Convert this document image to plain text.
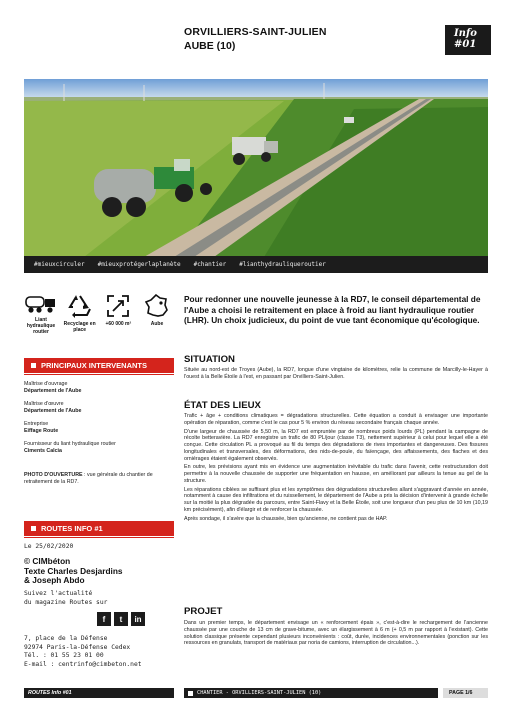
ORVILLIERS-SAINT-JULIEN
AUBE (10)
Info
#01
#mieuxcirculer #mieuxprotégerlaplanète #chantier #lianthydrauliqueroutier
Liant hydraulique routier
Recyclage en place
+60 000 m²	Aube
PRINCIPAUX INTERVENANTS

Maîtrise d'ouvrage
Département de l'Aube

Maîtrise d'œuvre
Département de l'Aube

Entreprise
Eiffage Route

Fournisseur du liant hydraulique routier
Ciments Calcia

PHOTO D'OUVERTURE : vue générale du chantier de retraitement de la RD7.
ROUTES INFO #1
Le 25/02/2020
© CIMbéton
Texte Charles Desjardins
& Joseph Abdo
Suivez l'actualité
du magazine Routes sur
f	t	in
7, place de la Défense
92974 Paris-la-Défense Cedex
Tél. : 01 55 23 01 00
E-mail : centrinfo@cimbeton.net
Pour redonner une nouvelle jeunesse à la RD7, le conseil départemental de l'Aube a choisi le retraitement en place à froid au liant hydraulique routier (LHR). Un choix judicieux, du point de vue tant économique qu'écologique.
SITUATION
Située au nord-est de Troyes (Aube), la RD7, longue d'une vingtaine de kilomètres, relie la commune de Marcilly-le-Hayer à l'ouest à la Belle Étoile à l'est, en passant par Orvilliers-Saint-Julien.
ÉTAT DES LIEUX

Trafic + âge + conditions climatiques = dégradations structurelles. Cette équation a conduit à envisager une importante opération de réparation, comme c'est le cas pour 5 % environ du réseau secondaire français chaque année.

D'une largeur de chaussée de 5,50 m, la RD7 est empruntée par de nombreux poids lourds (PL) pendant la campagne de récolte betteravière. La RD7 enregistre un trafic de 80 PL/jour (classe T3), nettement supérieur à celui pour lequel elle a été conçue. Cette circulation PL a provoqué au fil du temps des dégradations de rives importantes et dangereuses. Des fissures longitudinales et transversales, des déformations, des nids-de-poule, du faïençage, des affaissements, des flaches et des orniérages étaient également observés.

En outre, les prévisions ayant mis en évidence une augmentation inévitable du trafic dans l'avenir, cette restructuration doit permettre à la nouvelle chaussée de supporter une fréquentation en hausse, en améliorant par ailleurs la tenue au gel de la structure.

Les réparations ciblées se suffisant plus et les symptômes des dégradations structurelles allant s'aggravant d'année en année, notamment à cause des infiltrations et du ruissellement, le département de l'Aube a pris la décision d'intervenir à grande échelle sur la moitié la plus dégradée du parcours, entre Saint-Flavy et la Belle Étoile, soit une longueur d'un peu plus de 10 km (10,19 km précisément), afin d'élargir et de renforcer la chaussée.

Après sondage, il s'avère que la chaussée, bien qu'ancienne, ne contient pas de HAP.

PROJET
Dans un premier temps, le département envisage un « renforcement épais », c'est-à-dire le rechargement de l'ancienne chaussée par une couche de 13 cm de grave-bitume, avec un élargissement à 6 m (+ 0,5 m par rapport à l'existant). Cette solution classique présente cependant plusieurs inconvénients : coût, durée, incidences environnementales (ponction sur les ressources en granulats, transport de matériaux par noria de camions, interruption de circulation...).
ROUTES Info #01	CHANTIER - ORVILLIERS-SAINT-JULIEN (10)	PAGE 1/6
